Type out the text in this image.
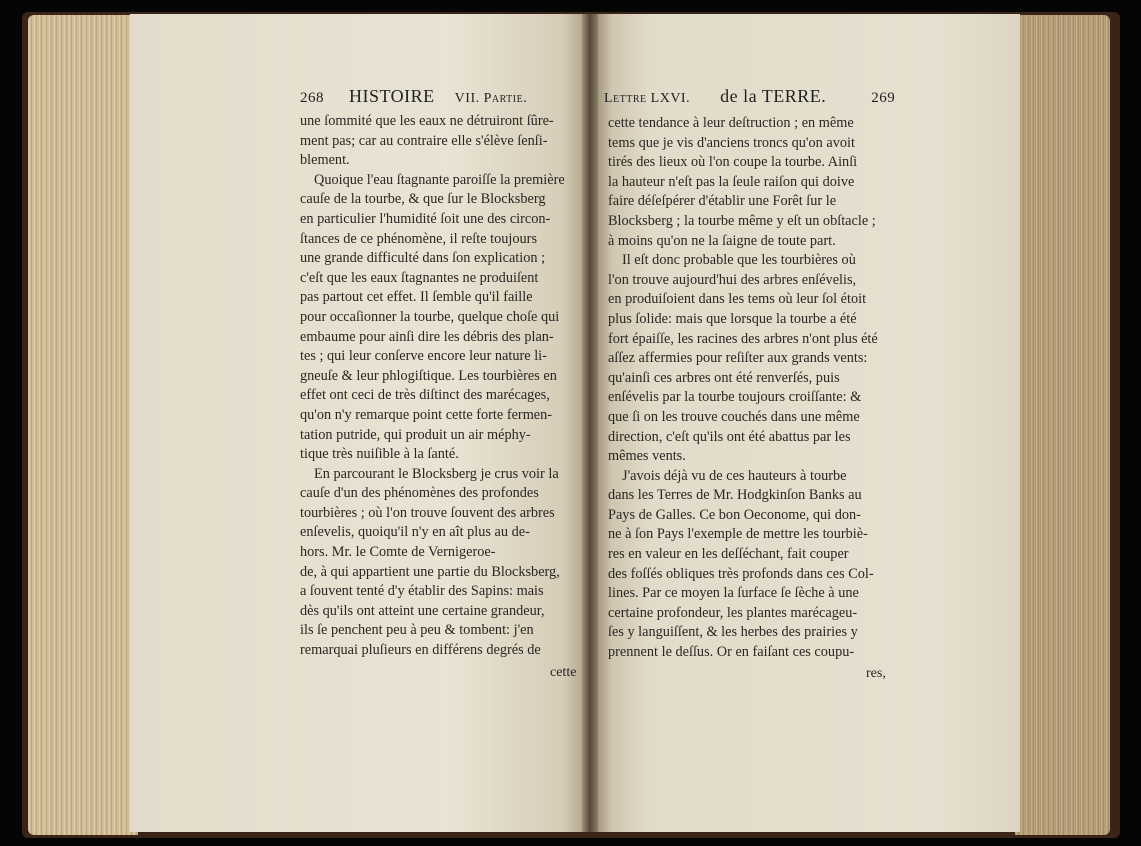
268 HISTOIRE VII. Partie.	Lettre LXVI. de la TERRE.	269
une ſommité que les eaux ne détruiront ſûre-
ment pas; car au contraire elle s'élève ſenſi-
blement.
Quoique l'eau ſtagnante paroiſſe la première
cauſe de la tourbe, & que ſur le Blocksberg
en particulier l'humidité ſoit une des circon-
ſtances de ce phénomène, il reſte toujours
une grande difficulté dans ſon explication ;
c'eſt que les eaux ſtagnantes ne produiſent
pas partout cet effet. Il ſemble qu'il faille
pour occaſionner la tourbe, quelque choſe qui
embaume pour ainſi dire les débris des plan-
tes ; qui leur conſerve encore leur nature li-
gneuſe & leur phlogiſtique. Les tourbières en
effet ont ceci de très diſtinct des marécages,
qu'on n'y remarque point cette forte fermen-
tation putride, qui produit un air méphy-
tique très nuiſible à la ſanté.
En parcourant le Blocksberg je crus voir la
cauſe d'un des phénomènes des profondes
tourbières ; où l'on trouve ſouvent des arbres
enſevelis, quoiqu'il n'y en aît plus au de-
hors. Mr. le Comte de Vernigeroe-
de, à qui appartient une partie du Blocksberg,
a ſouvent tenté d'y établir des Sapins: mais
dès qu'ils ont atteint une certaine grandeur,
ils ſe penchent peu à peu & tombent: j'en
remarquai pluſieurs en différens degrés de
cette
cette tendance à leur deſtruction ; en même
tems que je vis d'anciens troncs qu'on avoit
tirés des lieux où l'on coupe la tourbe. Ainſi
la hauteur n'eſt pas la ſeule raiſon qui doive
faire déſeſpérer d'établir une Forêt ſur le
Blocksberg ; la tourbe même y eſt un obſtacle ;
à moins qu'on ne la ſaigne de toute part.
Il eſt donc probable que les tourbières où
l'on trouve aujourd'hui des arbres enſévelis,
en produiſoient dans les tems où leur ſol étoit
plus ſolide: mais que lorsque la tourbe a été
fort épaiſſe, les racines des arbres n'ont plus été
aſſez affermies pour reſiſter aux grands vents:
qu'ainſi ces arbres ont été renverſés, puis
enſévelis par la tourbe toujours croiſſante: &
que ſi on les trouve couchés dans une même
direction, c'eſt qu'ils ont été abattus par les
mêmes vents.
J'avois déjà vu de ces hauteurs à tourbe
dans les Terres de Mr. Hodgkinſon Banks au
Pays de Galles. Ce bon Oeconome, qui don-
ne à ſon Pays l'exemple de mettre les tourbiè-
res en valeur en les deſſéchant, fait couper
des foſſés obliques très profonds dans ces Col-
lines. Par ce moyen la ſurface ſe ſèche à une
certaine profondeur, les plantes marécageu-
ſes y languiſſent, & les herbes des prairies y
prennent le deſſus. Or en faiſant ces coupu-
res,
